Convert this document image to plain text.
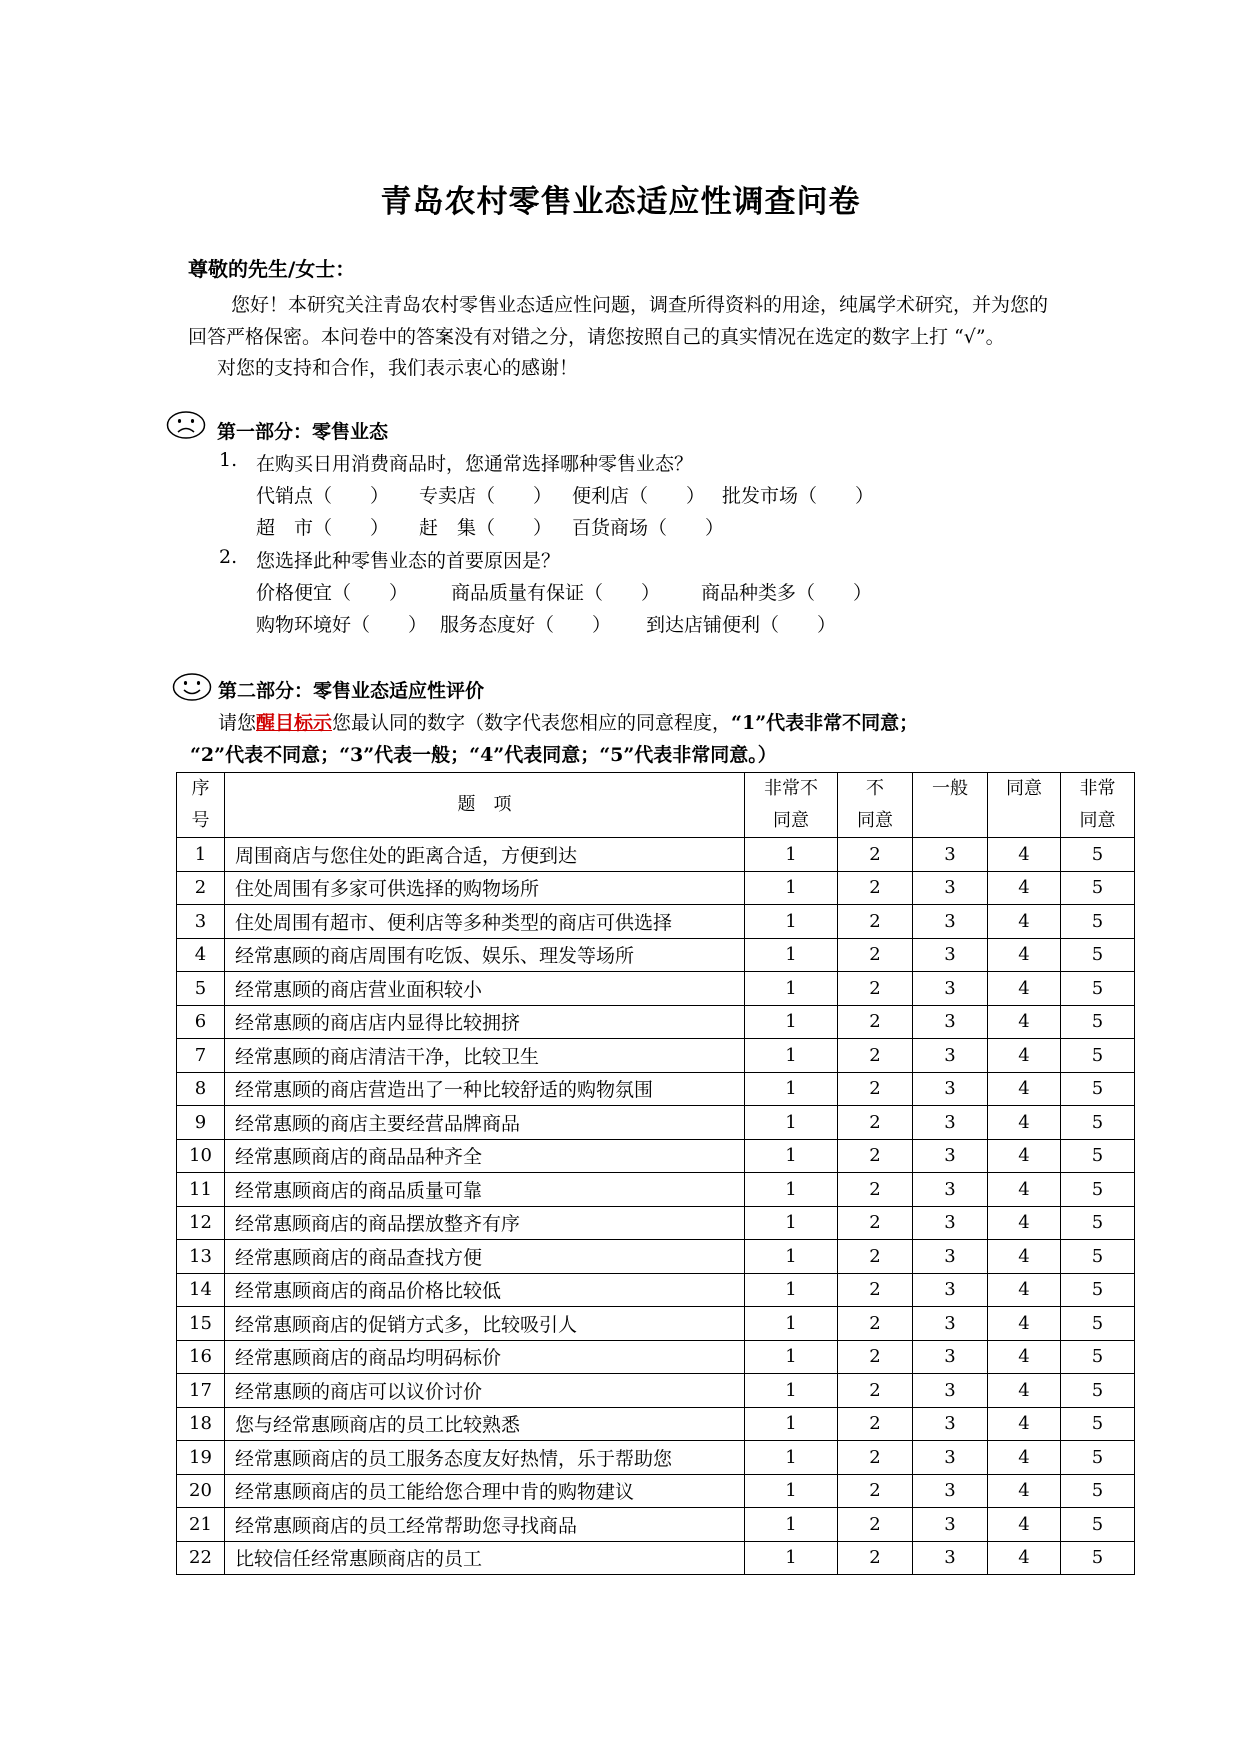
青岛农村零售业态适应性调查问卷
尊敬的先生/女士：
您好！本研究关注青岛农村零售业态适应性问题，调查所得资料的用途，纯属学术研究，并为您的
回答严格保密。本问卷中的答案没有对错之分，请您按照自己的真实情况在选定的数字上打 “√”。
对您的支持和合作，我们表示衷心的感谢！
第一部分：零售业态
1. 在购买日用消费商品时，您通常选择哪种零售业态？
代销点（　　） 专卖店（　　） 便利店（　　） 批发市场（　　）
超　市（　　） 赶　集（　　） 百货商场（　　）
2. 您选择此种零售业态的首要原因是？
价格便宜（　　） 商品质量有保证（　　） 商品种类多（　　）
购物环境好（　　） 服务态度好（　　） 到达店铺便利（　　）
第二部分：零售业态适应性评价
请您醒目标示您最认同的数字（数字代表您相应的同意程度，“1”代表非常不同意；
“2”代表不同意；“3”代表一般；“4”代表同意；“5”代表非常同意。）
序
号	题　项	非常不
同意	不
同意	一般	同意	非常
同意
1	周围商店与您住处的距离合适，方便到达	1	2	3	4	5
2	住处周围有多家可供选择的购物场所	1	2	3	4	5
3	住处周围有超市、便利店等多种类型的商店可供选择	1	2	3	4	5
4	经常惠顾的商店周围有吃饭、娱乐、理发等场所	1	2	3	4	5
5	经常惠顾的商店营业面积较小	1	2	3	4	5
6	经常惠顾的商店店内显得比较拥挤	1	2	3	4	5
7	经常惠顾的商店清洁干净，比较卫生	1	2	3	4	5
8	经常惠顾的商店营造出了一种比较舒适的购物氛围	1	2	3	4	5
9	经常惠顾的商店主要经营品牌商品	1	2	3	4	5
10	经常惠顾商店的商品品种齐全	1	2	3	4	5
11	经常惠顾商店的商品质量可靠	1	2	3	4	5
12	经常惠顾商店的商品摆放整齐有序	1	2	3	4	5
13	经常惠顾商店的商品查找方便	1	2	3	4	5
14	经常惠顾商店的商品价格比较低	1	2	3	4	5
15	经常惠顾商店的促销方式多，比较吸引人	1	2	3	4	5
16	经常惠顾商店的商品均明码标价	1	2	3	4	5
17	经常惠顾的商店可以议价讨价	1	2	3	4	5
18	您与经常惠顾商店的员工比较熟悉	1	2	3	4	5
19	经常惠顾商店的员工服务态度友好热情，乐于帮助您	1	2	3	4	5
20	经常惠顾商店的员工能给您合理中肯的购物建议	1	2	3	4	5
21	经常惠顾商店的员工经常帮助您寻找商品	1	2	3	4	5
22	比较信任经常惠顾商店的员工	1	2	3	4	5
